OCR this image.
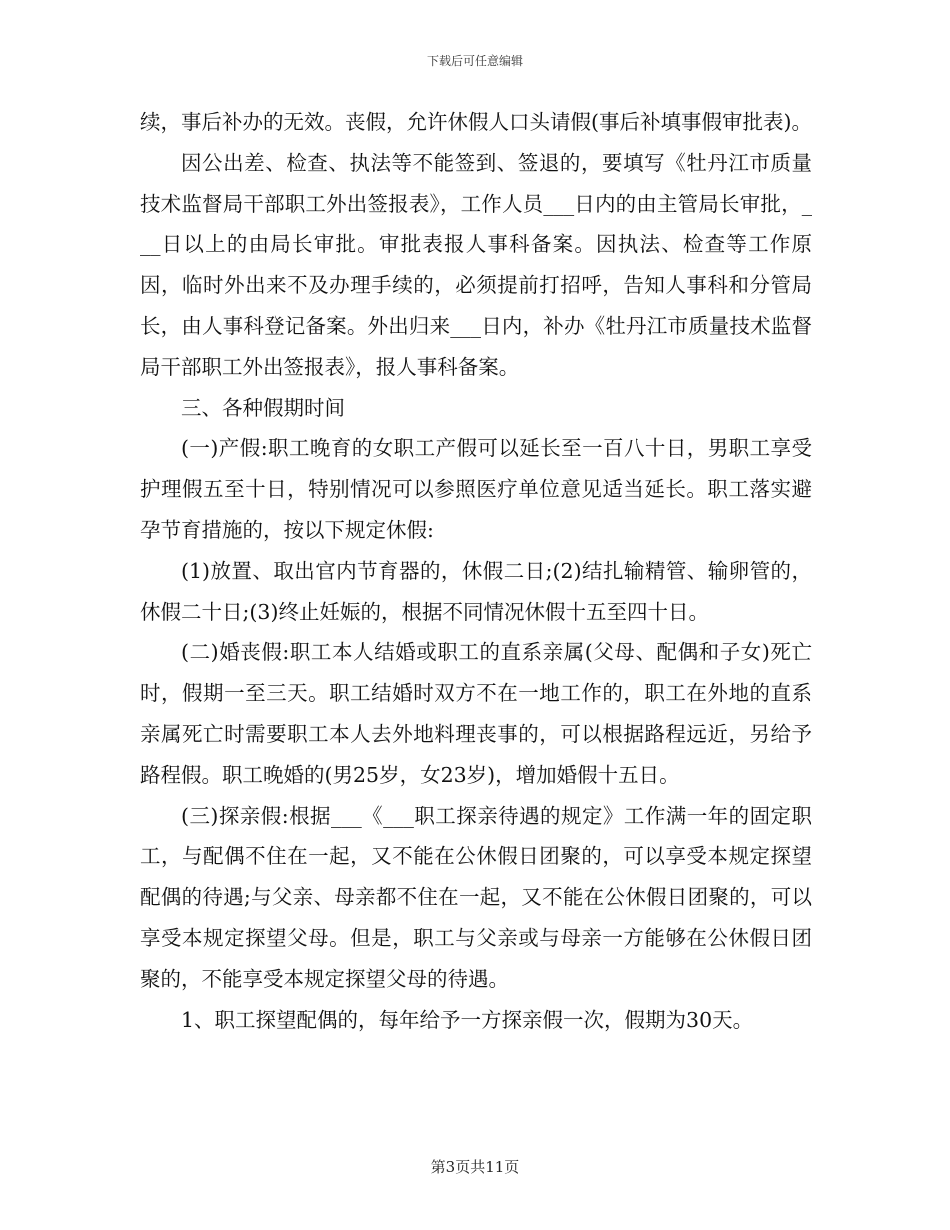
下载后可任意编辑

续，事后补办的无效。丧假，允许休假人口头请假(事后补填事假审批表)。

因公出差、检查、执法等不能签到、签退的，要填写《牡丹江市质量技术监督局干部职工外出签报表》，工作人员___日内的由主管局长审批，___日以上的由局长审批。审批表报人事科备案。因执法、检查等工作原因，临时外出来不及办理手续的，必须提前打招呼，告知人事科和分管局长，由人事科登记备案。外出归来___日内，补办《牡丹江市质量技术监督局干部职工外出签报表》，报人事科备案。

三、各种假期时间

(一)产假:职工晚育的女职工产假可以延长至一百八十日，男职工享受护理假五至十日，特别情况可以参照医疗单位意见适当延长。职工落实避孕节育措施的，按以下规定休假:

(1)放置、取出官内节育器的，休假二日;(2)结扎输精管、输卵管的，休假二十日;(3)终止妊娠的，根据不同情况休假十五至四十日。

(二)婚丧假:职工本人结婚或职工的直系亲属(父母、配偶和子女)死亡时，假期一至三天。职工结婚时双方不在一地工作的，职工在外地的直系亲属死亡时需要职工本人去外地料理丧事的，可以根据路程远近，另给予路程假。职工晚婚的(男25岁，女23岁)，增加婚假十五日。

(三)探亲假:根据___《___职工探亲待遇的规定》工作满一年的固定职工，与配偶不住在一起，又不能在公休假日团聚的，可以享受本规定探望配偶的待遇;与父亲、母亲都不住在一起，又不能在公休假日团聚的，可以享受本规定探望父母。但是，职工与父亲或与母亲一方能够在公休假日团聚的，不能享受本规定探望父母的待遇。

1、职工探望配偶的，每年给予一方探亲假一次，假期为30天。

第3页共11页
